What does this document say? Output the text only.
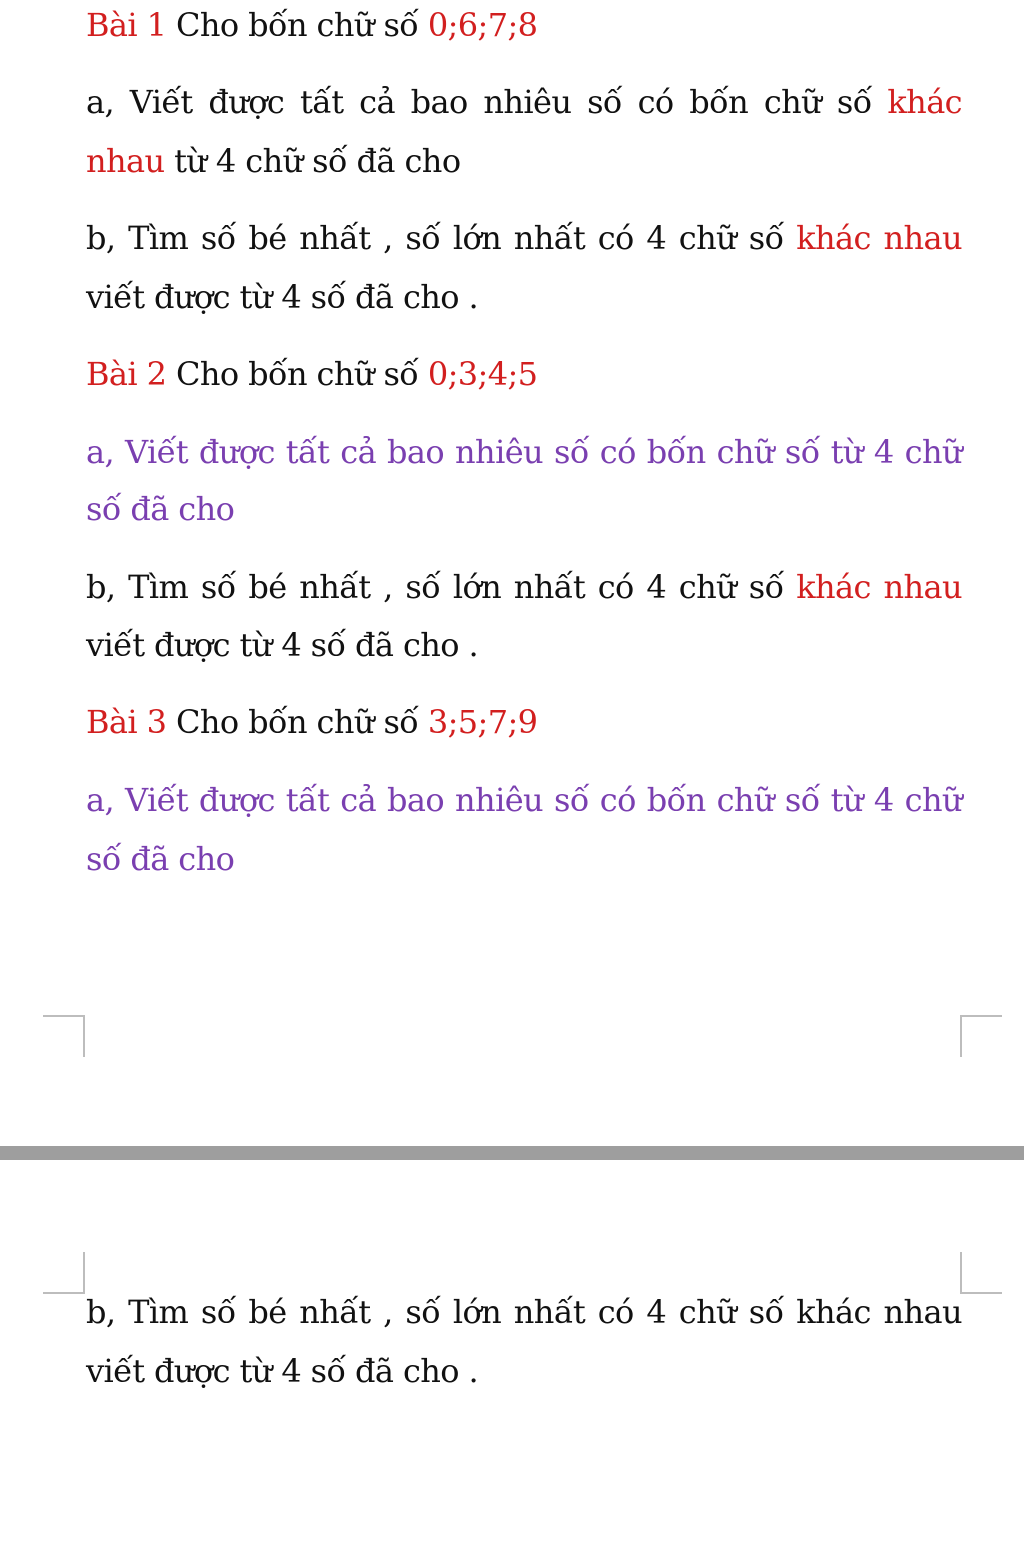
Bài 1 Cho bốn chữ số 0;6;7;8

a, Viết được tất cả bao nhiêu số có bốn chữ số khác

nhau từ 4 chữ số đã cho

b, Tìm số bé nhất , số lớn nhất có 4 chữ số khác nhau

viết được từ 4 số đã cho .

Bài 2 Cho bốn chữ số 0;3;4;5

a, Viết được tất cả bao nhiêu số có bốn chữ số từ 4 chữ

số đã cho

b, Tìm số bé nhất , số lớn nhất có 4 chữ số khác nhau

viết được từ 4 số đã cho .

Bài 3 Cho bốn chữ số 3;5;7;9

a, Viết được tất cả bao nhiêu số có bốn chữ số từ 4 chữ

số đã cho

b, Tìm số bé nhất , số lớn nhất có 4 chữ số khác nhau

viết được từ 4 số đã cho .
